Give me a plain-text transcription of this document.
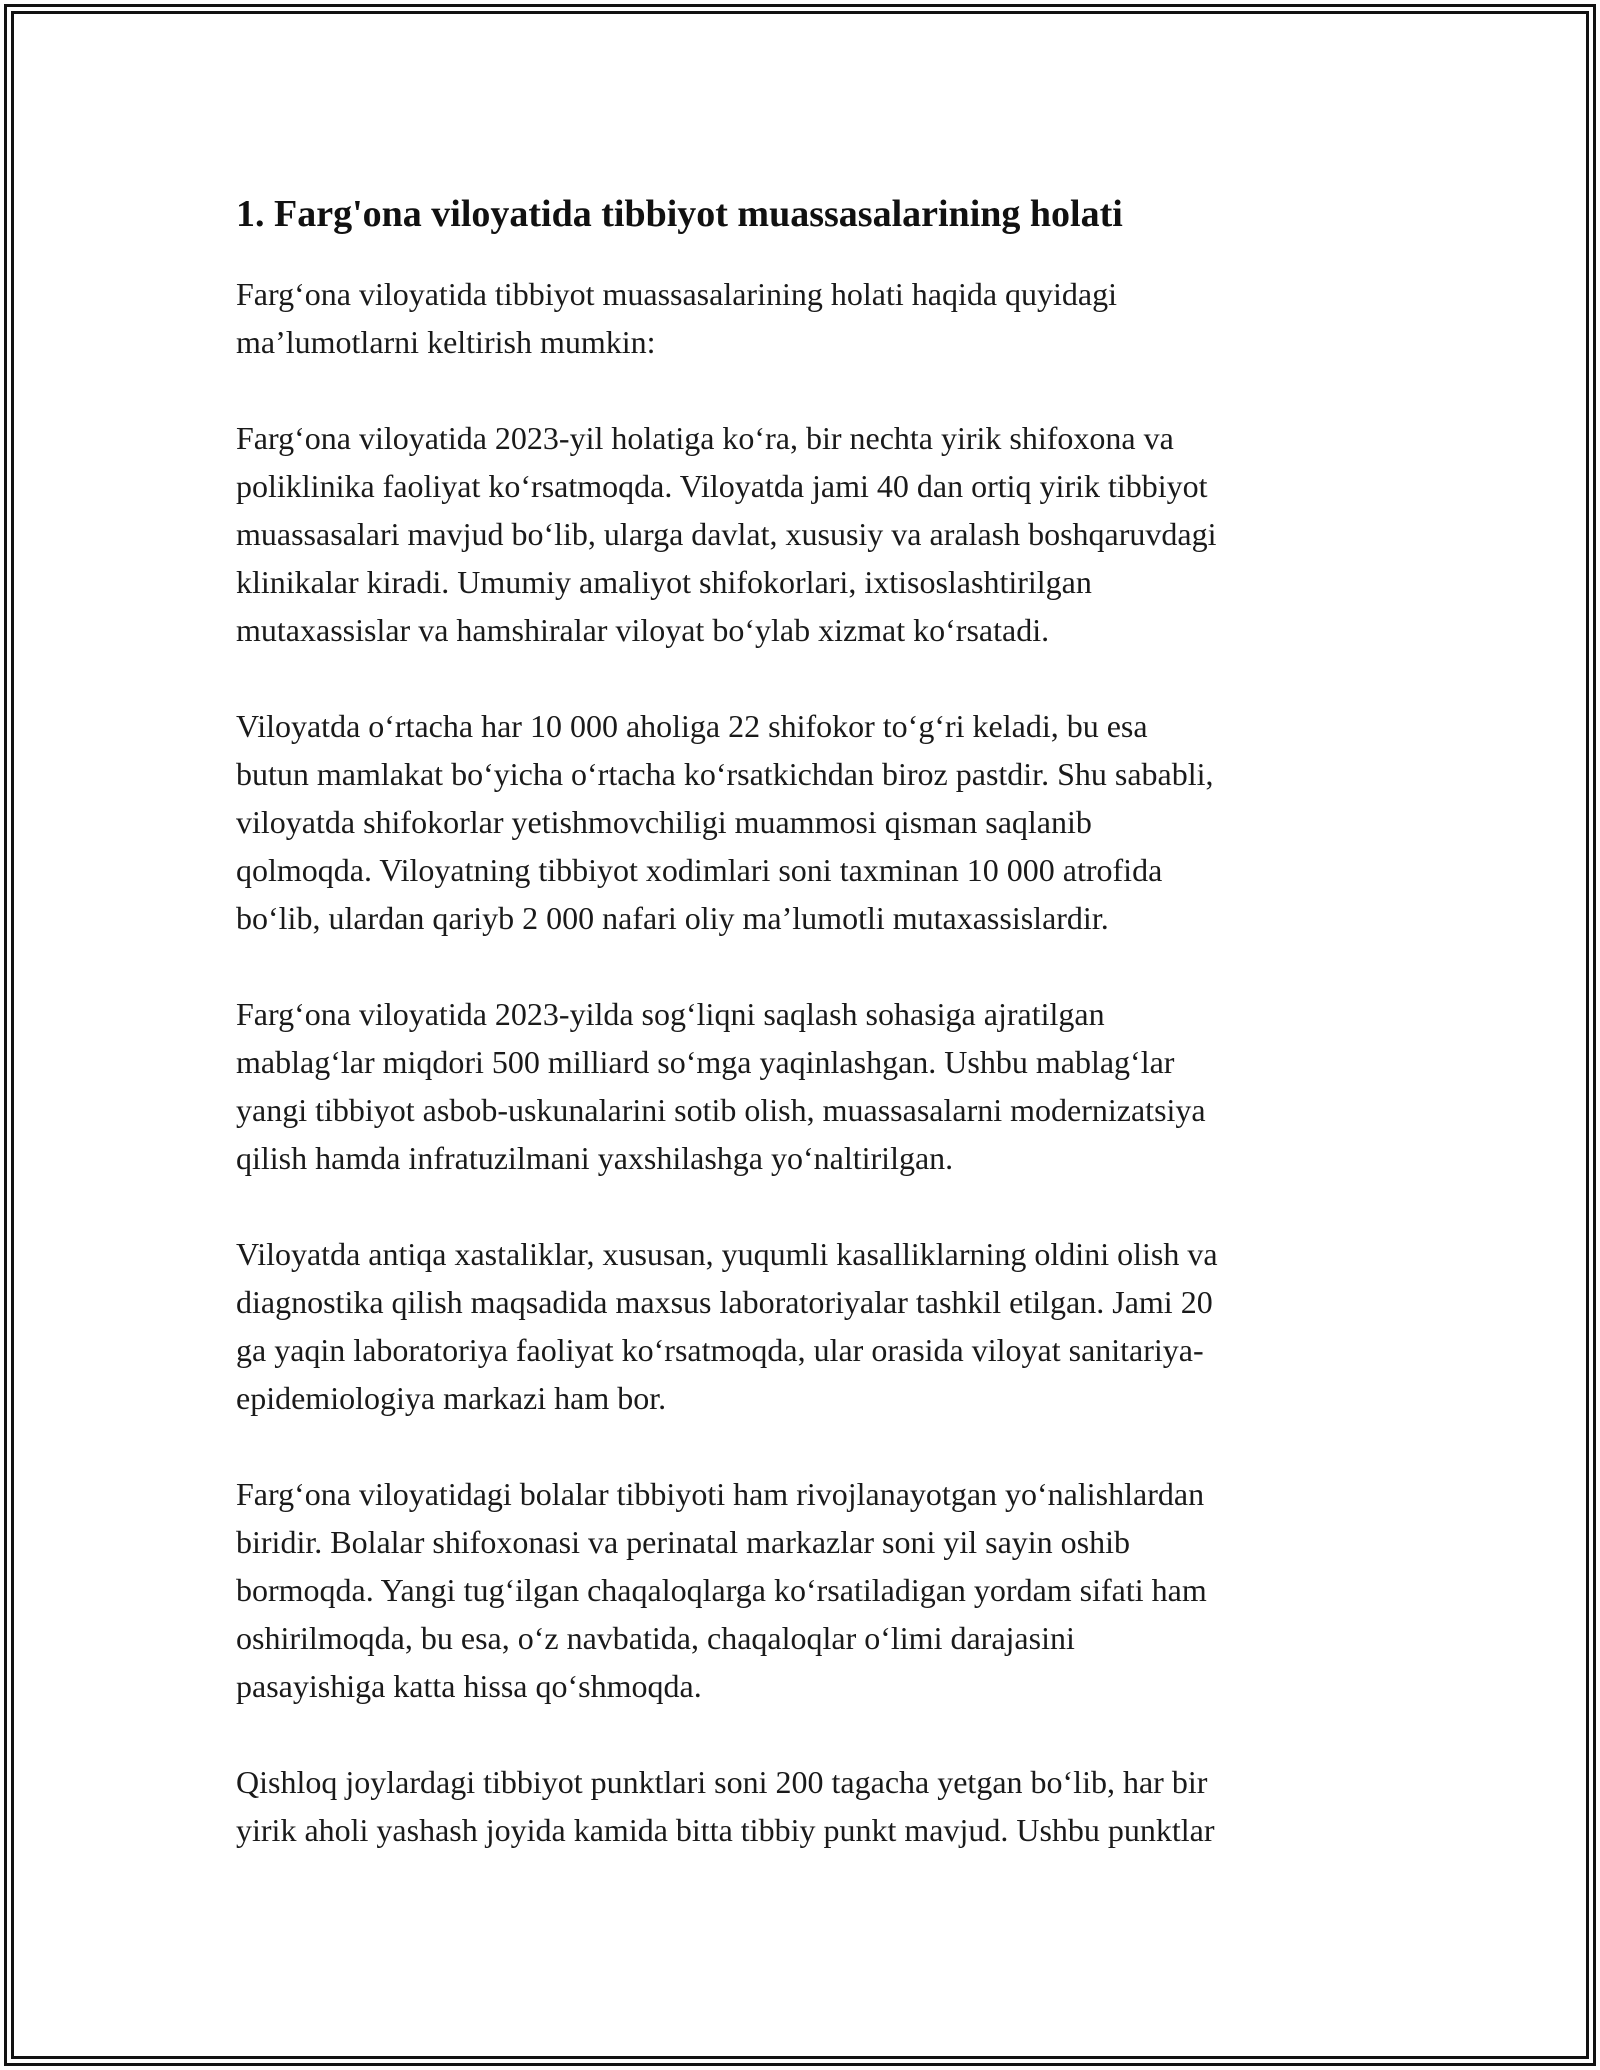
1. Farg'ona viloyatida tibbiyot muassasalarining holati

Farg‘ona viloyatida tibbiyot muassasalarining holati haqida quyidagi
ma’lumotlarni keltirish mumkin:

Farg‘ona viloyatida 2023-yil holatiga ko‘ra, bir nechta yirik shifoxona va
poliklinika faoliyat ko‘rsatmoqda. Viloyatda jami 40 dan ortiq yirik tibbiyot
muassasalari mavjud bo‘lib, ularga davlat, xususiy va aralash boshqaruvdagi
klinikalar kiradi. Umumiy amaliyot shifokorlari, ixtisoslashtirilgan
mutaxassislar va hamshiralar viloyat bo‘ylab xizmat ko‘rsatadi.

Viloyatda o‘rtacha har 10 000 aholiga 22 shifokor to‘g‘ri keladi, bu esa
butun mamlakat bo‘yicha o‘rtacha ko‘rsatkichdan biroz pastdir. Shu sababli,
viloyatda shifokorlar yetishmovchiligi muammosi qisman saqlanib
qolmoqda. Viloyatning tibbiyot xodimlari soni taxminan 10 000 atrofida
bo‘lib, ulardan qariyb 2 000 nafari oliy ma’lumotli mutaxassislardir.

Farg‘ona viloyatida 2023-yilda sog‘liqni saqlash sohasiga ajratilgan
mablag‘lar miqdori 500 milliard so‘mga yaqinlashgan. Ushbu mablag‘lar
yangi tibbiyot asbob-uskunalarini sotib olish, muassasalarni modernizatsiya
qilish hamda infratuzilmani yaxshilashga yo‘naltirilgan.

Viloyatda antiqa xastaliklar, xususan, yuqumli kasalliklarning oldini olish va
diagnostika qilish maqsadida maxsus laboratoriyalar tashkil etilgan. Jami 20
ga yaqin laboratoriya faoliyat ko‘rsatmoqda, ular orasida viloyat sanitariya-
epidemiologiya markazi ham bor.

Farg‘ona viloyatidagi bolalar tibbiyoti ham rivojlanayotgan yo‘nalishlardan
biridir. Bolalar shifoxonasi va perinatal markazlar soni yil sayin oshib
bormoqda. Yangi tug‘ilgan chaqaloqlarga ko‘rsatiladigan yordam sifati ham
oshirilmoqda, bu esa, o‘z navbatida, chaqaloqlar o‘limi darajasini
pasayishiga katta hissa qo‘shmoqda.

Qishloq joylardagi tibbiyot punktlari soni 200 tagacha yetgan bo‘lib, har bir
yirik aholi yashash joyida kamida bitta tibbiy punkt mavjud. Ushbu punktlar
